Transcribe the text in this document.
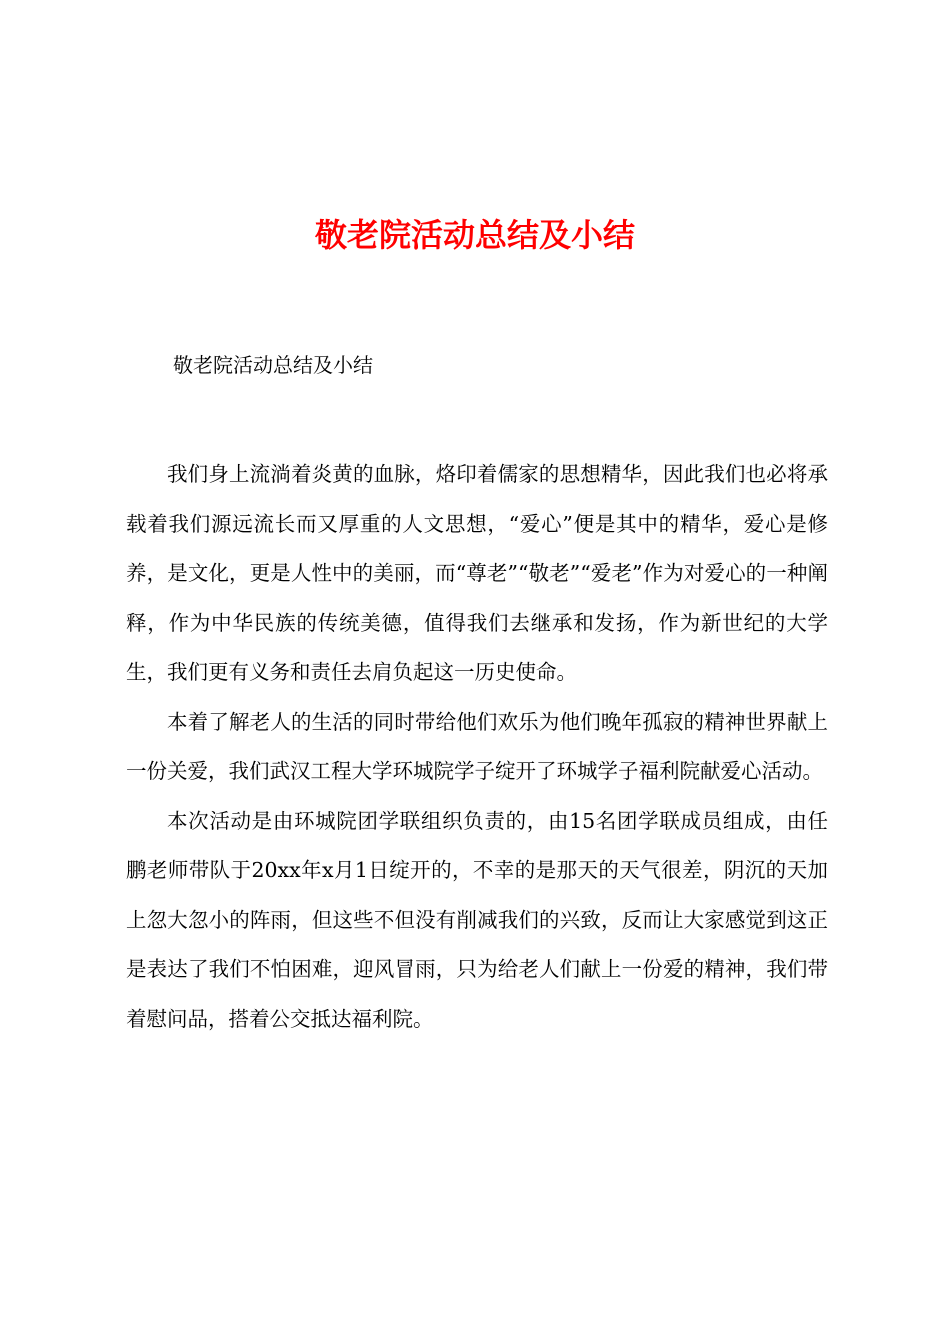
敬老院活动总结及小结

敬老院活动总结及小结

我们身上流淌着炎黄的血脉，烙印着儒家的思想精华，因此我们也必将承载着我们源远流长而又厚重的人文思想，“爱心”便是其中的精华，爱心是修养，是文化，更是人性中的美丽，而“尊老”“敬老”“爱老”作为对爱心的一种阐释，作为中华民族的传统美德，值得我们去继承和发扬，作为新世纪的大学生，我们更有义务和责任去肩负起这一历史使命。

本着了解老人的生活的同时带给他们欢乐为他们晚年孤寂的精神世界献上一份关爱，我们武汉工程大学环城院学子绽开了环城学子福利院献爱心活动。

本次活动是由环城院团学联组织负责的，由15名团学联成员组成，由任鹏老师带队于20xx年x月1日绽开的，不幸的是那天的天气很差，阴沉的天加上忽大忽小的阵雨，但这些不但没有削减我们的兴致，反而让大家感觉到这正是表达了我们不怕困难，迎风冒雨，只为给老人们献上一份爱的精神，我们带着慰问品，搭着公交抵达福利院。
